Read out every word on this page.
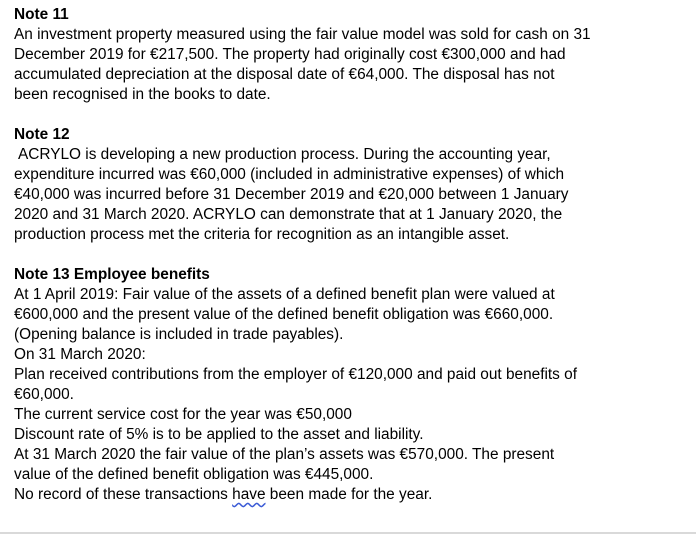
Note 11
An investment property measured using the fair value model was sold for cash on 31
December 2019 for €217,500. The property had originally cost €300,000 and had
accumulated depreciation at the disposal date of €64,000. The disposal has not
been recognised in the books to date.
Note 12
ACRYLO is developing a new production process. During the accounting year,
expenditure incurred was €60,000 (included in administrative expenses) of which
€40,000 was incurred before 31 December 2019 and €20,000 between 1 January
2020 and 31 March 2020. ACRYLO can demonstrate that at 1 January 2020, the
production process met the criteria for recognition as an intangible asset.
Note 13 Employee benefits
At 1 April 2019: Fair value of the assets of a defined benefit plan were valued at
€600,000 and the present value of the defined benefit obligation was €660,000.
(Opening balance is included in trade payables).
On 31 March 2020:
Plan received contributions from the employer of €120,000 and paid out benefits of
€60,000.
The current service cost for the year was €50,000
Discount rate of 5% is to be applied to the asset and liability.
At 31 March 2020 the fair value of the plan’s assets was €570,000. The present
value of the defined benefit obligation was €445,000.
No record of these transactions have been made for the year.
